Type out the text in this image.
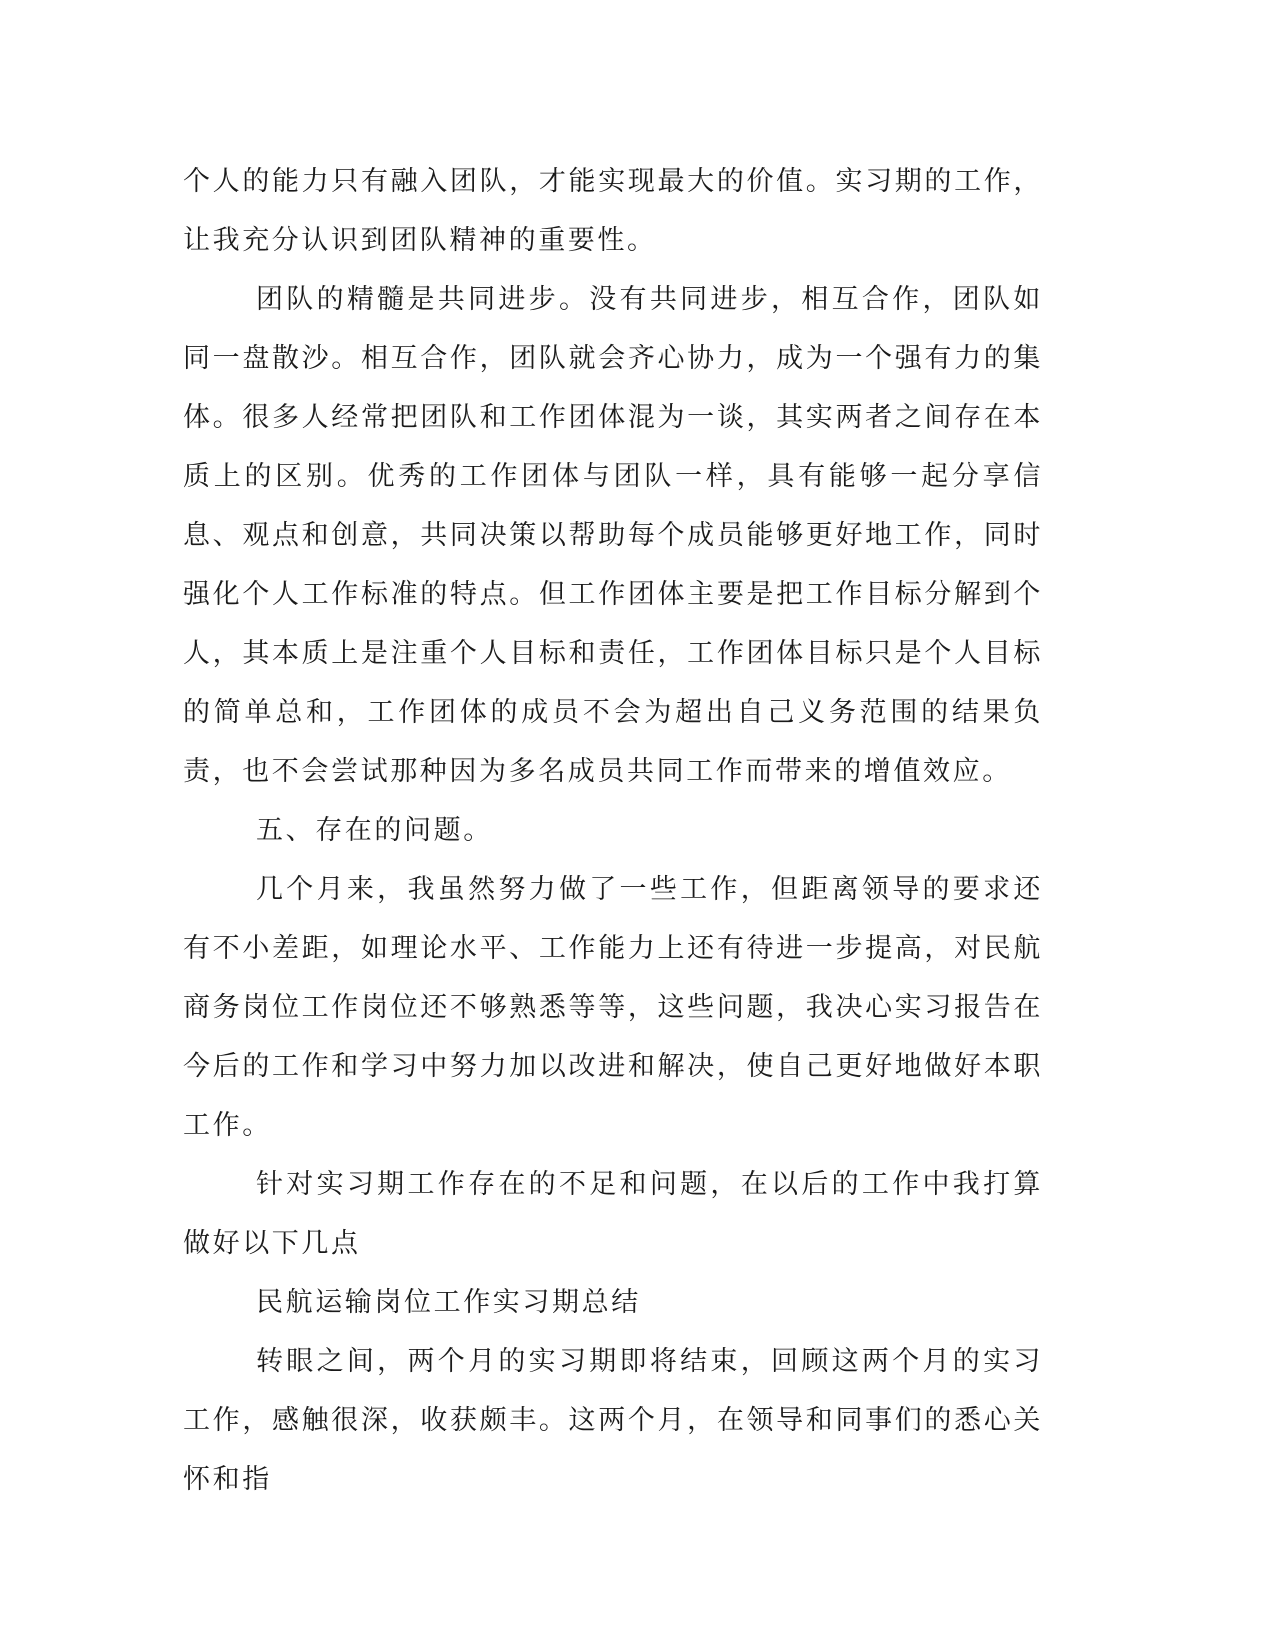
个人的能力只有融入团队，才能实现最大的价值。实习期的工作，让我充分认识到团队精神的重要性。

团队的精髓是共同进步。没有共同进步，相互合作，团队如同一盘散沙。相互合作，团队就会齐心协力，成为一个强有力的集体。很多人经常把团队和工作团体混为一谈，其实两者之间存在本质上的区别。优秀的工作团体与团队一样，具有能够一起分享信息、观点和创意，共同决策以帮助每个成员能够更好地工作，同时强化个人工作标准的特点。但工作团体主要是把工作目标分解到个人，其本质上是注重个人目标和责任，工作团体目标只是个人目标的简单总和，工作团体的成员不会为超出自己义务范围的结果负责，也不会尝试那种因为多名成员共同工作而带来的增值效应。

五、存在的问题。

几个月来，我虽然努力做了一些工作，但距离领导的要求还有不小差距，如理论水平、工作能力上还有待进一步提高，对民航商务岗位工作岗位还不够熟悉等等，这些问题，我决心实习报告在今后的工作和学习中努力加以改进和解决，使自己更好地做好本职工作。

针对实习期工作存在的不足和问题，在以后的工作中我打算做好以下几点

民航运输岗位工作实习期总结

转眼之间，两个月的实习期即将结束，回顾这两个月的实习工作，感触很深，收获颇丰。这两个月，在领导和同事们的悉心关怀和指
